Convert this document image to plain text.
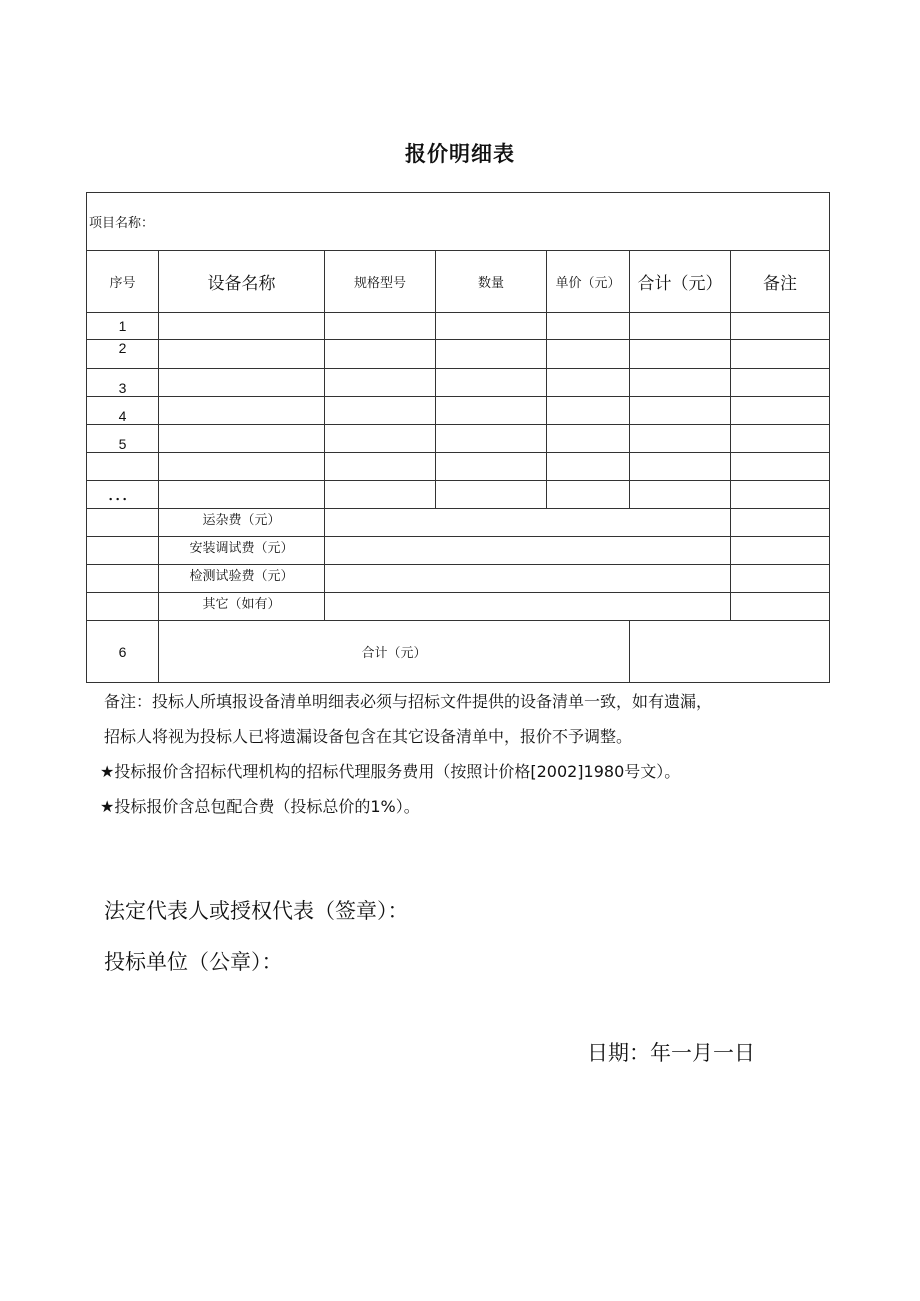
报价明细表
项目名称：						
序号	设备名称	规格型号	数量	单价（元）	合计（元）	备注
1						
2						
3						
4						
5						

．．．						
	运杂费（元）					
	安装调试费（元）					
	检测试验费（元）					
	其它（如有）					
6	合计（元）					
备注：投标人所填报设备清单明细表必须与招标文件提供的设备清单一致，如有遗漏，
招标人将视为投标人已将遗漏设备包含在其它设备清单中，报价不予调整。
★投标报价含招标代理机构的招标代理服务费用（按照计价格[2002]1980号文）。
★投标报价含总包配合费（投标总价的1%）。
法定代表人或授权代表（签章）：
投标单位（公章）：
日期：年一月一日
